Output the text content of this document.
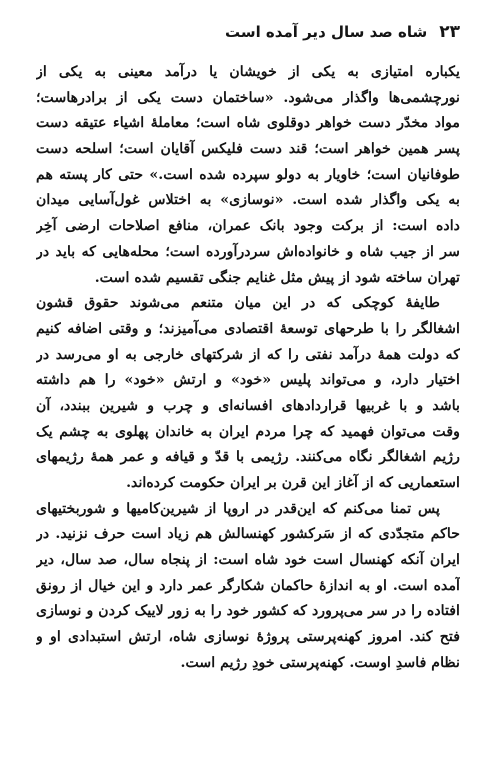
۲۳
شاه صد سال دیر آمده است
یکباره امتیازی به یکی از خویشان یا درآمد معینی به یکی از
نورچشمی‌ها واگذار می‌شود. «ساختمان دست یکی از برادرهاست؛
مواد مخدّر دست خواهر دوقلوی شاه است؛ معاملهٔ اشیاء عتیقه دست
پسر همین خواهر است؛ قند دست فلیکس آقایان است؛ اسلحه دست
طوفانیان است؛ خاویار به دولو سپرده شده است.» حتی کار پسته هم
به یکی واگذار شده است. «نوسازی» به اختلاس غول‌آسایی میدان
داده است: از برکت وجود بانک عمران، منافع اصلاحات ارضی آخِر
سر از جیب شاه و خانواده‌اش سردرآورده است؛ محله‌هایی که باید در
تهران ساخته شود از پیش مثل غنایم جنگی تقسیم شده است.
طایفهٔ کوچکی که در این میان متنعم می‌شوند حقوق قشون
اشغالگر را با طرحهای توسعهٔ اقتصادی می‌آمیزند؛ و وقتی اضافه کنیم
که دولت همهٔ درآمد نفتی را که از شرکتهای خارجی به او می‌رسد در
اختیار دارد، و می‌تواند پلیس «خود» و ارتش «خود» را هم داشته
باشد و با غربیها قراردادهای افسانه‌ای و چرب و شیرین ببندد، آن
وقت می‌توان فهمید که چرا مردم ایران به خاندان پهلوی به چشم یک
رژیم اشغالگر نگاه می‌کنند. رژیمی با قدّ و قیافه و عمر همهٔ رژیمهای
استعماریی که از آغاز این قرن بر ایران حکومت کرده‌اند.
پس تمنا می‌کنم که این‌قدر در اروپا از شیرین‌کامیها و شوربختیهای
حاکم متجدّدی که از سَرکشور کهنسالش هم زیاد است حرف نزنید. در
ایران آنکه کهنسال است خود شاه است: از پنجاه سال، صد سال، دیر
آمده است. او به اندازهٔ حاکمان شکارگر عمر دارد و این خیال از رونق
افتاده را در سر می‌پرورد که کشور خود را به زور لاییک کردن و نوسازی
فتح کند. امروز کهنه‌پرستی پروژهٔ نوسازی شاه، ارتش استبدادی او و
نظام فاسدِ اوست. کهنه‌پرستی خودِ رژیم است.
